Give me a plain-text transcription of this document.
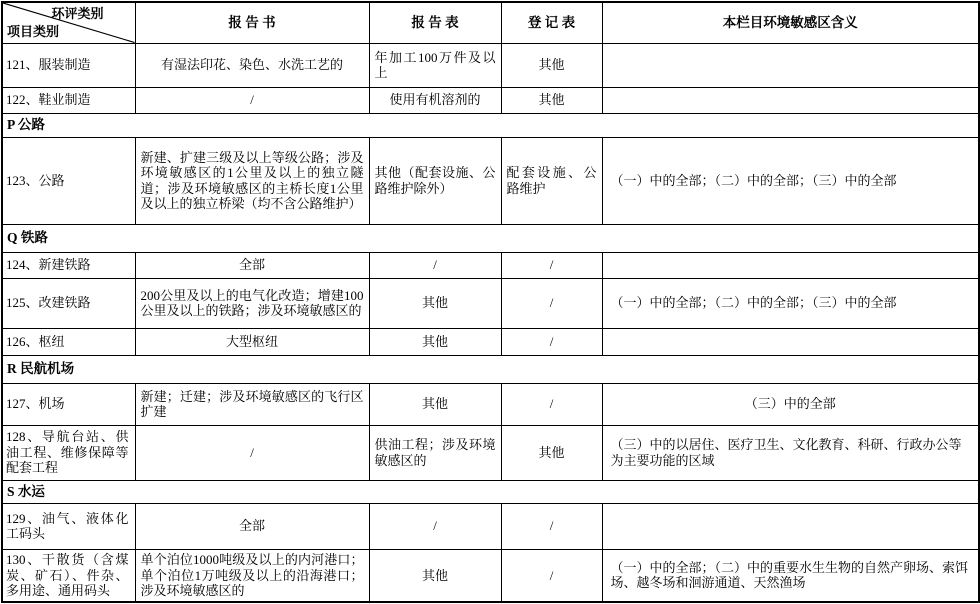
环评类别
项目类别	报 告 书	报 告 表	登 记 表	本栏目环境敏感区含义
121、服装制造	有湿法印花、染色、水洗工艺的	年加工100万件及以上	其他	
122、鞋业制造	/	使用有机溶剂的	其他	
P 公路				
123、公路	新建、扩建三级及以上等级公路；涉及环境敏感区的1公里及以上的独立隧道；涉及环境敏感区的主桥长度1公里及以上的独立桥梁（均不含公路维护）	其他（配套设施、公路维护除外）	配套设施、公路维护	（一）中的全部；（二）中的全部；（三）中的全部
Q 铁路				
124、新建铁路	全部	/	/	
125、改建铁路	200公里及以上的电气化改造；增建100公里及以上的铁路；涉及环境敏感区的	其他	/	（一）中的全部；（二）中的全部；（三）中的全部
126、枢纽	大型枢纽	其他	/	
R 民航机场				
127、机场	新建；迁建；涉及环境敏感区的飞行区扩建	其他	/	（三）中的全部
128、导航台站、供油工程、维修保障等配套工程	/	供油工程；涉及环境敏感区的	其他	（三）中的以居住、医疗卫生、文化教育、科研、行政办公等为主要功能的区域
S 水运				
129、油气、液体化工码头	全部	/	/	
130、干散货（含煤炭、矿石）、件杂、多用途、通用码头	单个泊位1000吨级及以上的内河港口；单个泊位1万吨级及以上的沿海港口；涉及环境敏感区的	其他	/	（一）中的全部；（二）中的重要水生生物的自然产卵场、索饵场、越冬场和洄游通道、天然渔场
